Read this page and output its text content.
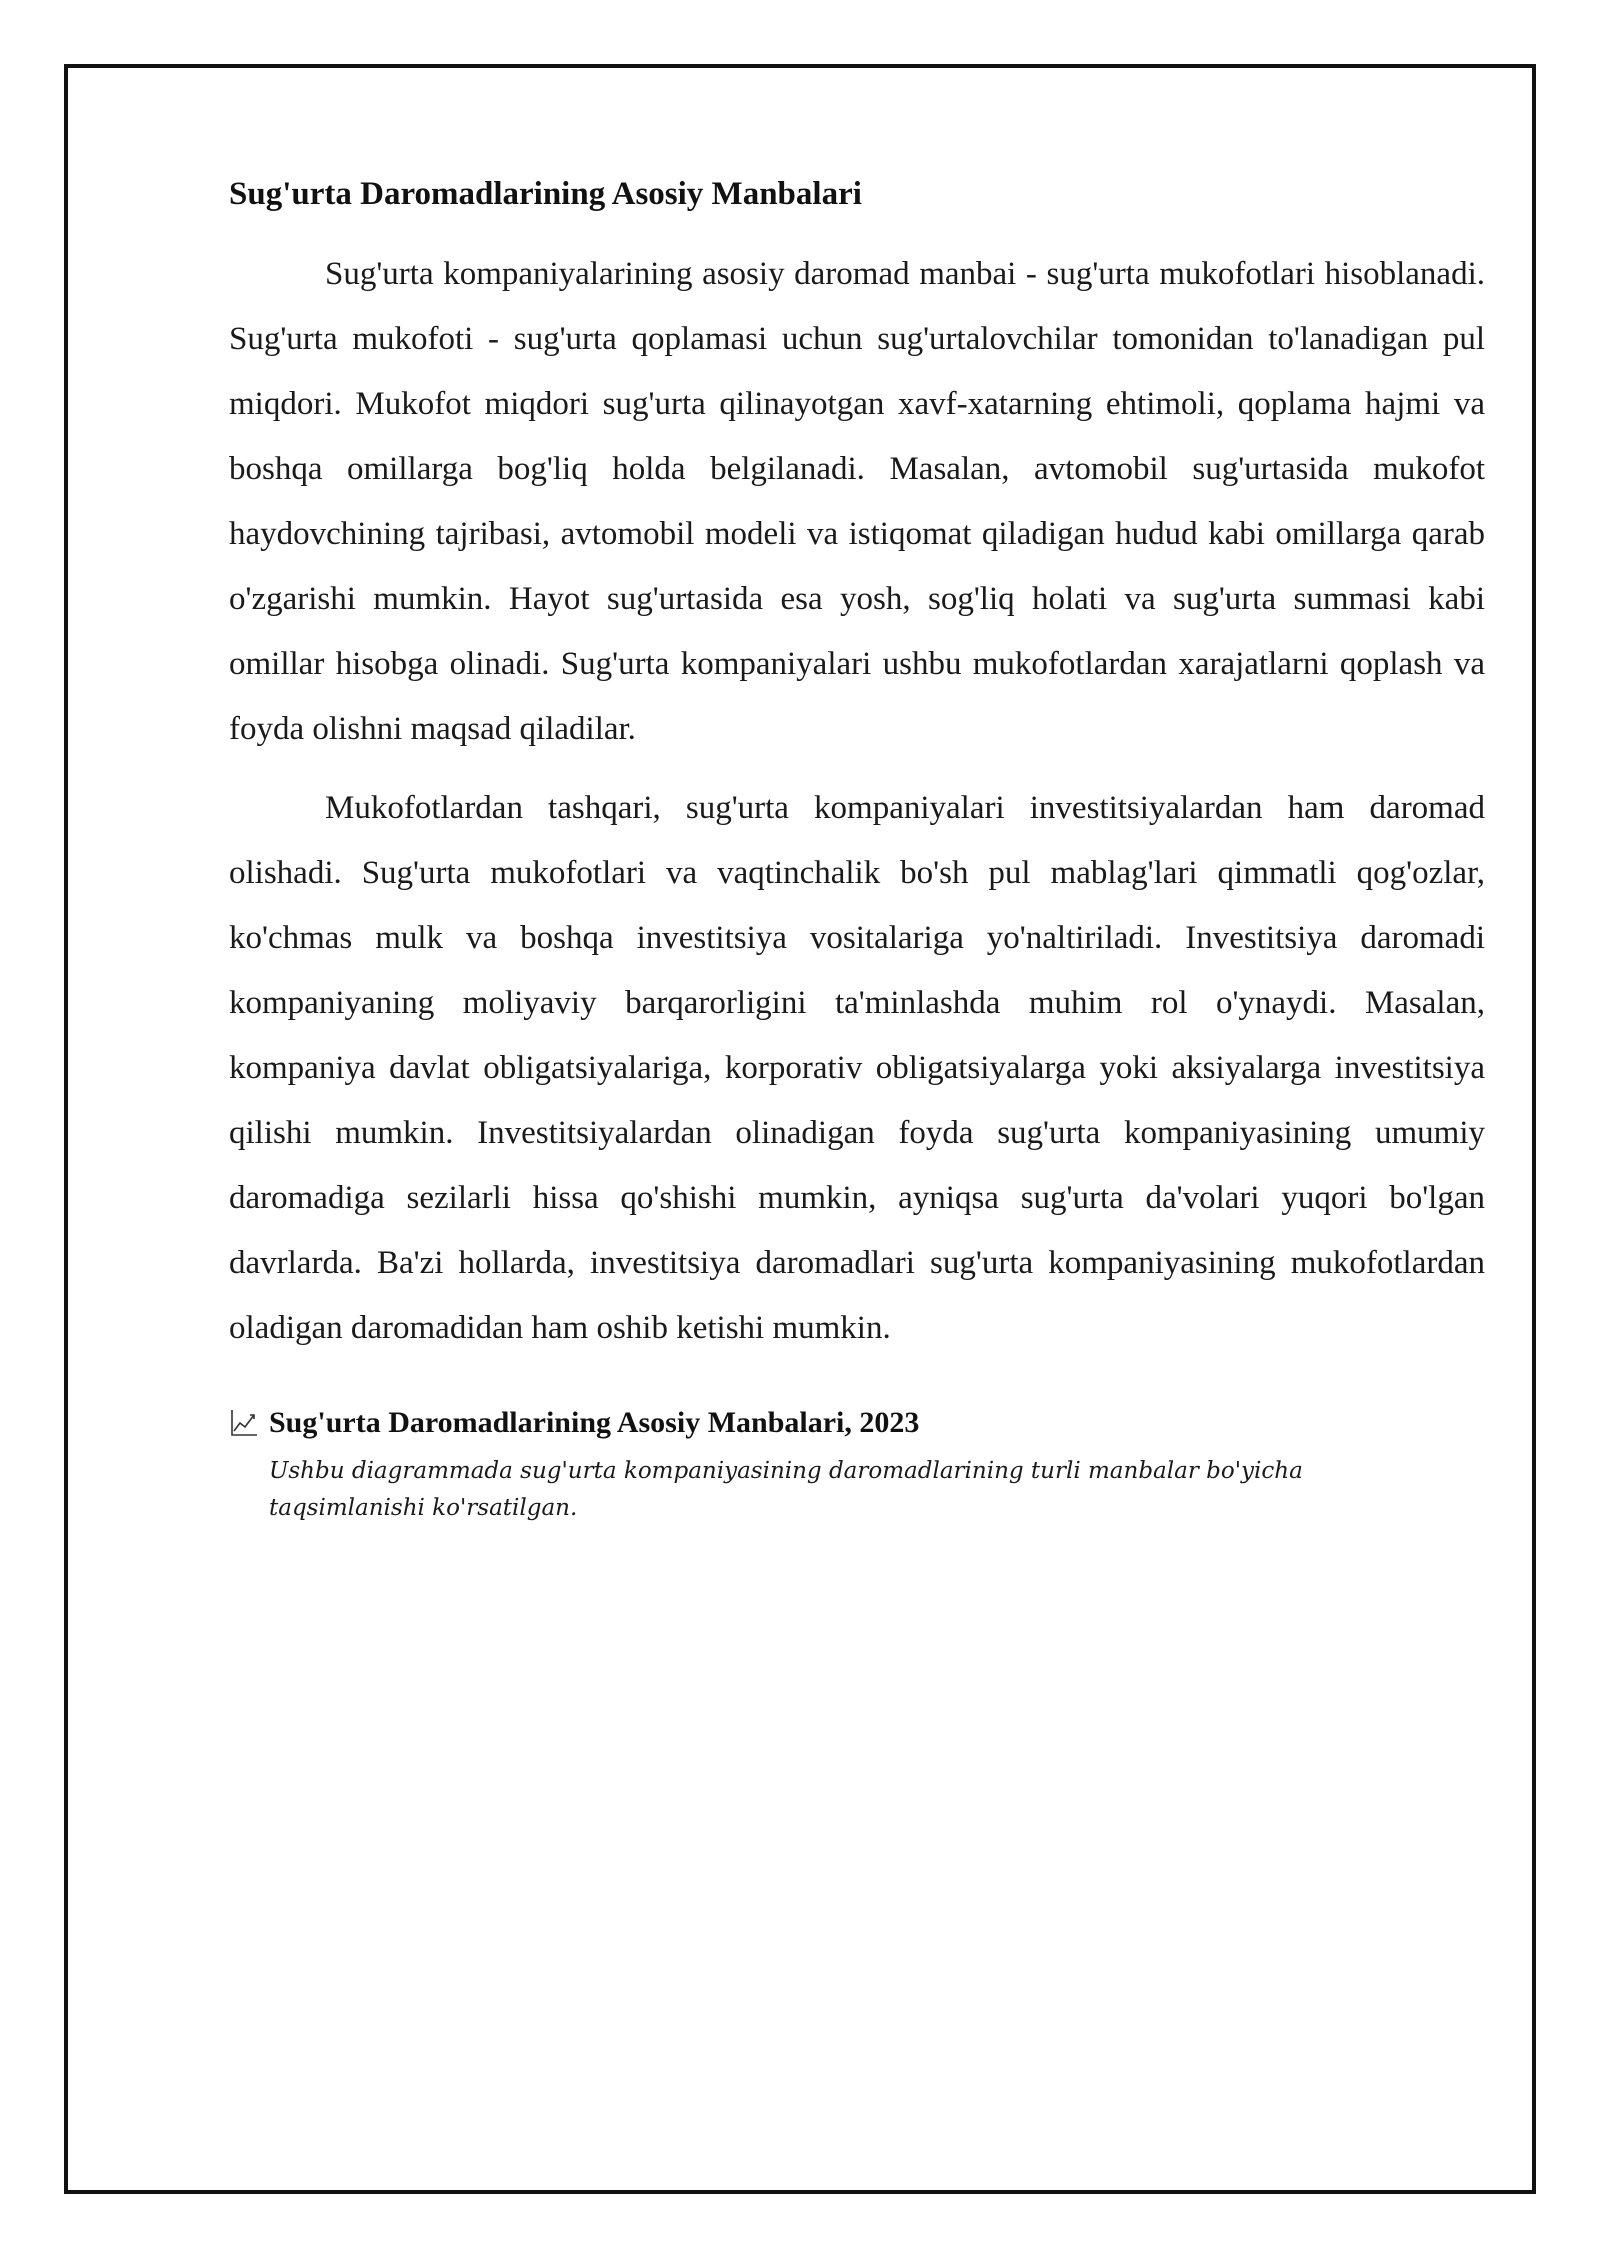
Sug'urta Daromadlarining Asosiy Manbalari

Sug'urta kompaniyalarining asosiy daromad manbai - sug'urta mukofotlari hisoblanadi. Sug'urta mukofoti - sug'urta qoplamasi uchun sug'urtalovchilar tomonidan to'lanadigan pul miqdori. Mukofot miqdori sug'urta qilinayotgan xavf-xatarning ehtimoli, qoplama hajmi va boshqa omillarga bog'liq holda belgilanadi. Masalan, avtomobil sug'urtasida mukofot haydovchining tajribasi, avtomobil modeli va istiqomat qiladigan hudud kabi omillarga qarab o'zgarishi mumkin. Hayot sug'urtasida esa yosh, sog'liq holati va sug'urta summasi kabi omillar hisobga olinadi. Sug'urta kompaniyalari ushbu mukofotlardan xarajatlarni qoplash va foyda olishni maqsad qiladilar.

Mukofotlardan tashqari, sug'urta kompaniyalari investitsiyalardan ham daromad olishadi. Sug'urta mukofotlari va vaqtinchalik bo'sh pul mablag'lari qimmatli qog'ozlar, ko'chmas mulk va boshqa investitsiya vositalariga yo'naltiriladi. Investitsiya daromadi kompaniyaning moliyaviy barqarorligini ta'minlashda muhim rol o'ynaydi. Masalan, kompaniya davlat obligatsiyalariga, korporativ obligatsiyalarga yoki aksiyalarga investitsiya qilishi mumkin. Investitsiyalardan olinadigan foyda sug'urta kompaniyasining umumiy daromadiga sezilarli hissa qo'shishi mumkin, ayniqsa sug'urta da'volari yuqori bo'lgan davrlarda. Ba'zi hollarda, investitsiya daromadlari sug'urta kompaniyasining mukofotlardan oladigan daromadidan ham oshib ketishi mumkin.

Sug'urta Daromadlarining Asosiy Manbalari, 2023
Ushbu diagrammada sug'urta kompaniyasining daromadlarining turli manbalar bo'yicha taqsimlanishi ko'rsatilgan.
